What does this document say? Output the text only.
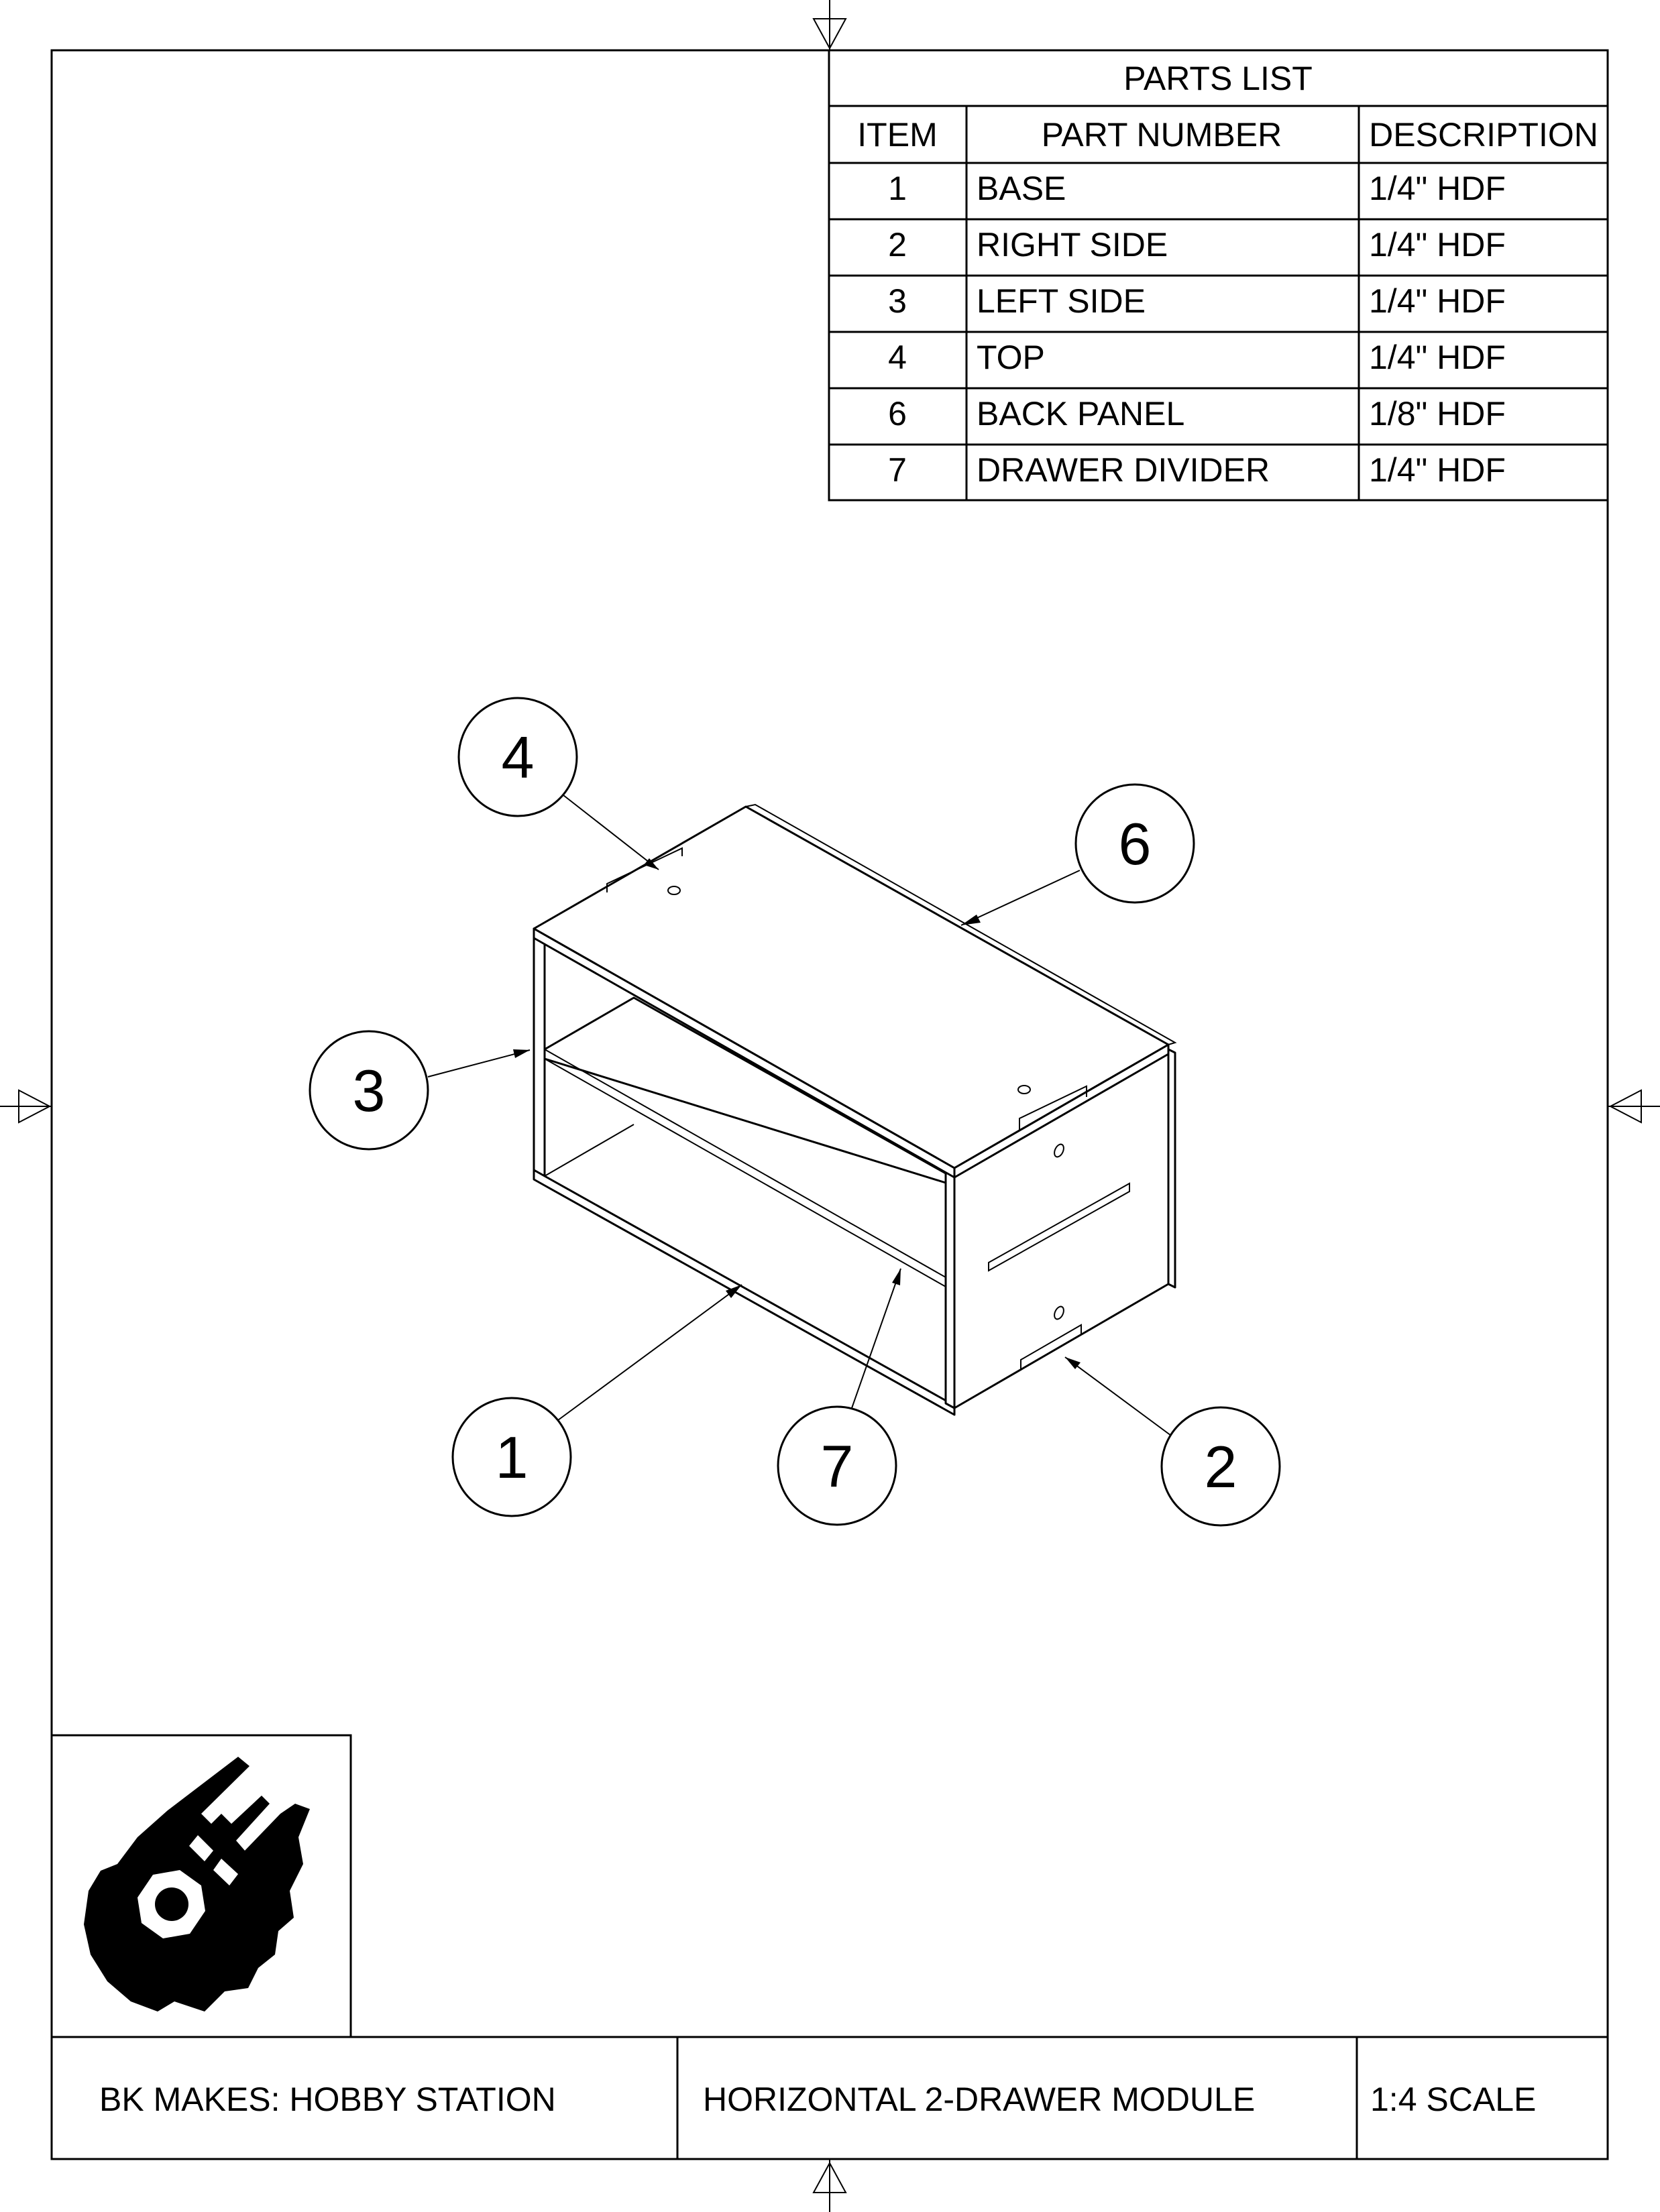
PARTS LIST
ITEM	PART NUMBER	DESCRIPTION
1 BASE	1/4" HDF
2 RIGHT SIDE	1/4" HDF
3 LEFT SIDE	1/4" HDF
4 TOP	1/4" HDF
6 BACK PANEL	1/8" HDF
7 DRAWER DIVIDER	1/4" HDF
4
6
3
1	7	2
BK MAKES: HOBBY STATION	HORIZONTAL 2-DRAWER MODULE	1:4 SCALE
